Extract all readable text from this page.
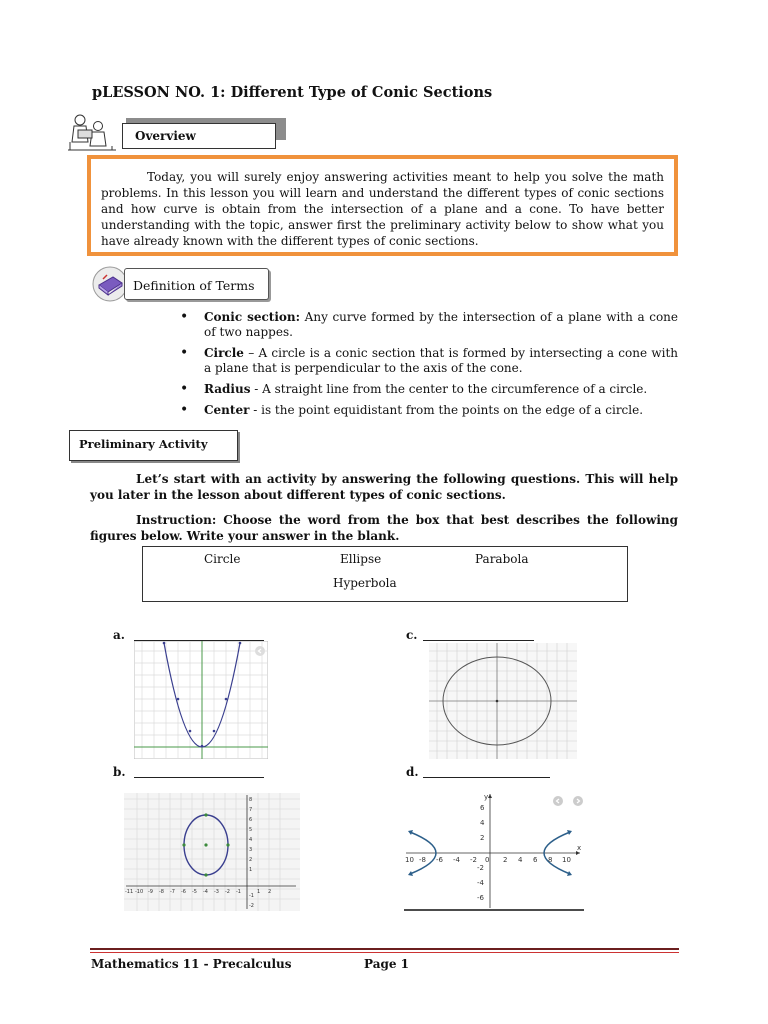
pLESSON NO. 1: Different Type of Conic Sections
Overview

Today, you will surely enjoy answering activities meant to help you solve the math problems. In this lesson you will learn and understand the different types of conic sections and how curve is obtain from the intersection of a plane and a cone. To have better understanding with the topic, answer first the preliminary activity below to show what you have already known with the different types of conic sections.

Definition of Terms
• Conic section: Any curve formed by the intersection of a plane with a cone of two nappes.
• Circle – A circle is a conic section that is formed by intersecting a cone with a plane that is perpendicular to the axis of the cone.
• Radius - A straight line from the center to the circumference of a circle.
• Center - is the point equidistant from the points on the edge of a circle.
Preliminary Activity

Let’s start with an activity by answering the following questions. This will help you later in the lesson about different types of conic sections.

Instruction: Choose the word from the box that best describes the following figures below. Write your answer in the blank.

Circle	Ellipse	Parabola
Hyperbola
a.	c.
b.	d.
-11 -10 -9 -8 -7 -6 -5 -4 -3 -2 -1	1 2
8
7
6
5
4
3
2
1
-1
-2
10 -8 -6 -4 -2 0 2 4 6 8 10
x
y
6
4
2
-2
-4
-6
Mathematics 11 - Precalculus	Page 1
